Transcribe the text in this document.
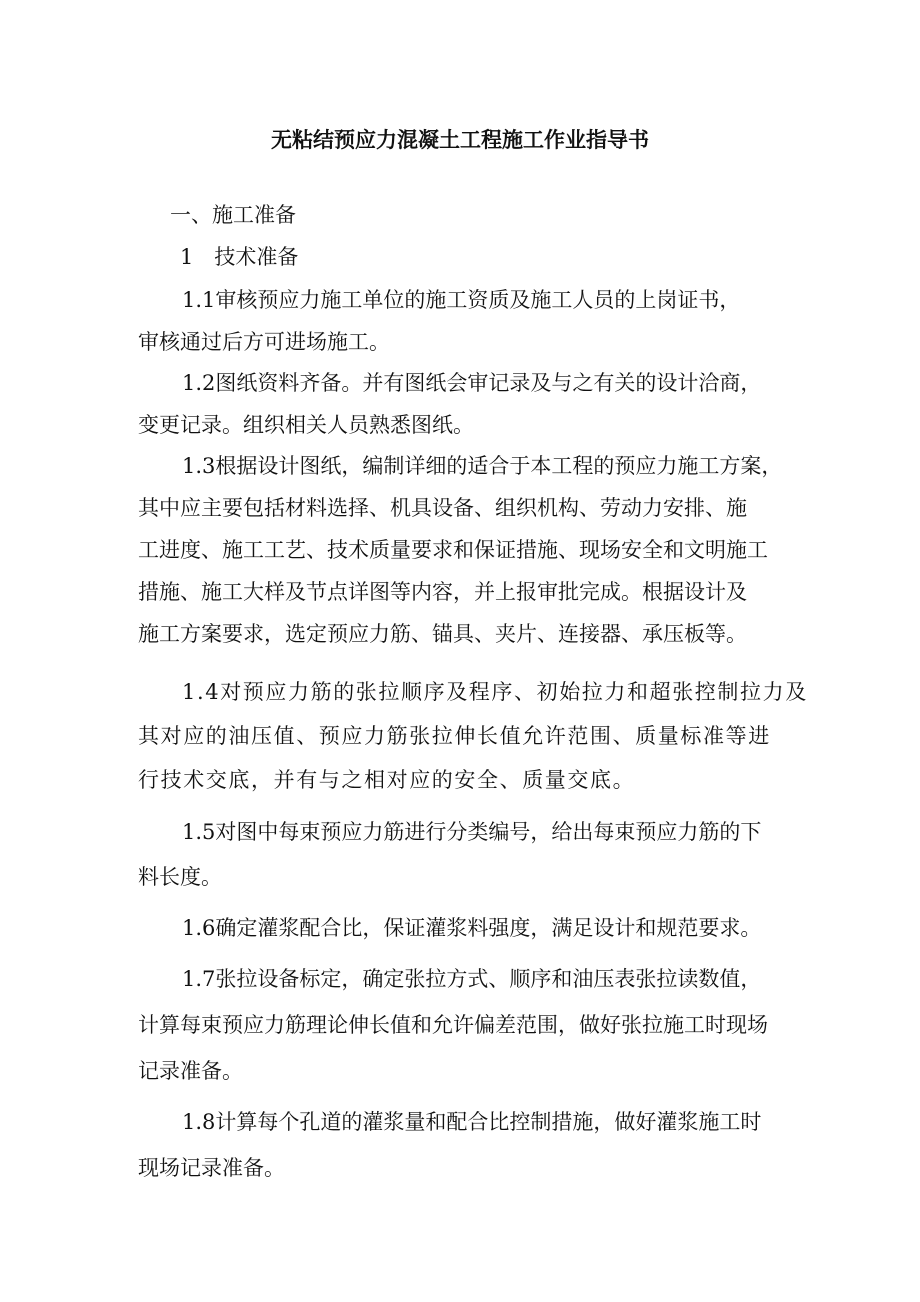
无粘结预应力混凝土工程施工作业指导书
一、施工准备
1　技术准备
1.1审核预应力施工单位的施工资质及施工人员的上岗证书，
审核通过后方可进场施工。
1.2图纸资料齐备。并有图纸会审记录及与之有关的设计洽商，
变更记录。组织相关人员熟悉图纸。
1.3根据设计图纸，编制详细的适合于本工程的预应力施工方案，
其中应主要包括材料选择、机具设备、组织机构、劳动力安排、施
工进度、施工工艺、技术质量要求和保证措施、现场安全和文明施工
措施、施工大样及节点详图等内容，并上报审批完成。根据设计及
施工方案要求，选定预应力筋、锚具、夹片、连接器、承压板等。
1.4对预应力筋的张拉顺序及程序、初始拉力和超张控制拉力及
其对应的油压值、预应力筋张拉伸长值允许范围、质量标准等进
行技术交底，并有与之相对应的安全、质量交底。
1.5对图中每束预应力筋进行分类编号，给出每束预应力筋的下
料长度。
1.6确定灌浆配合比，保证灌浆料强度，满足设计和规范要求。
1.7张拉设备标定，确定张拉方式、顺序和油压表张拉读数值，
计算每束预应力筋理论伸长值和允许偏差范围，做好张拉施工时现场
记录准备。
1.8计算每个孔道的灌浆量和配合比控制措施，做好灌浆施工时
现场记录准备。
